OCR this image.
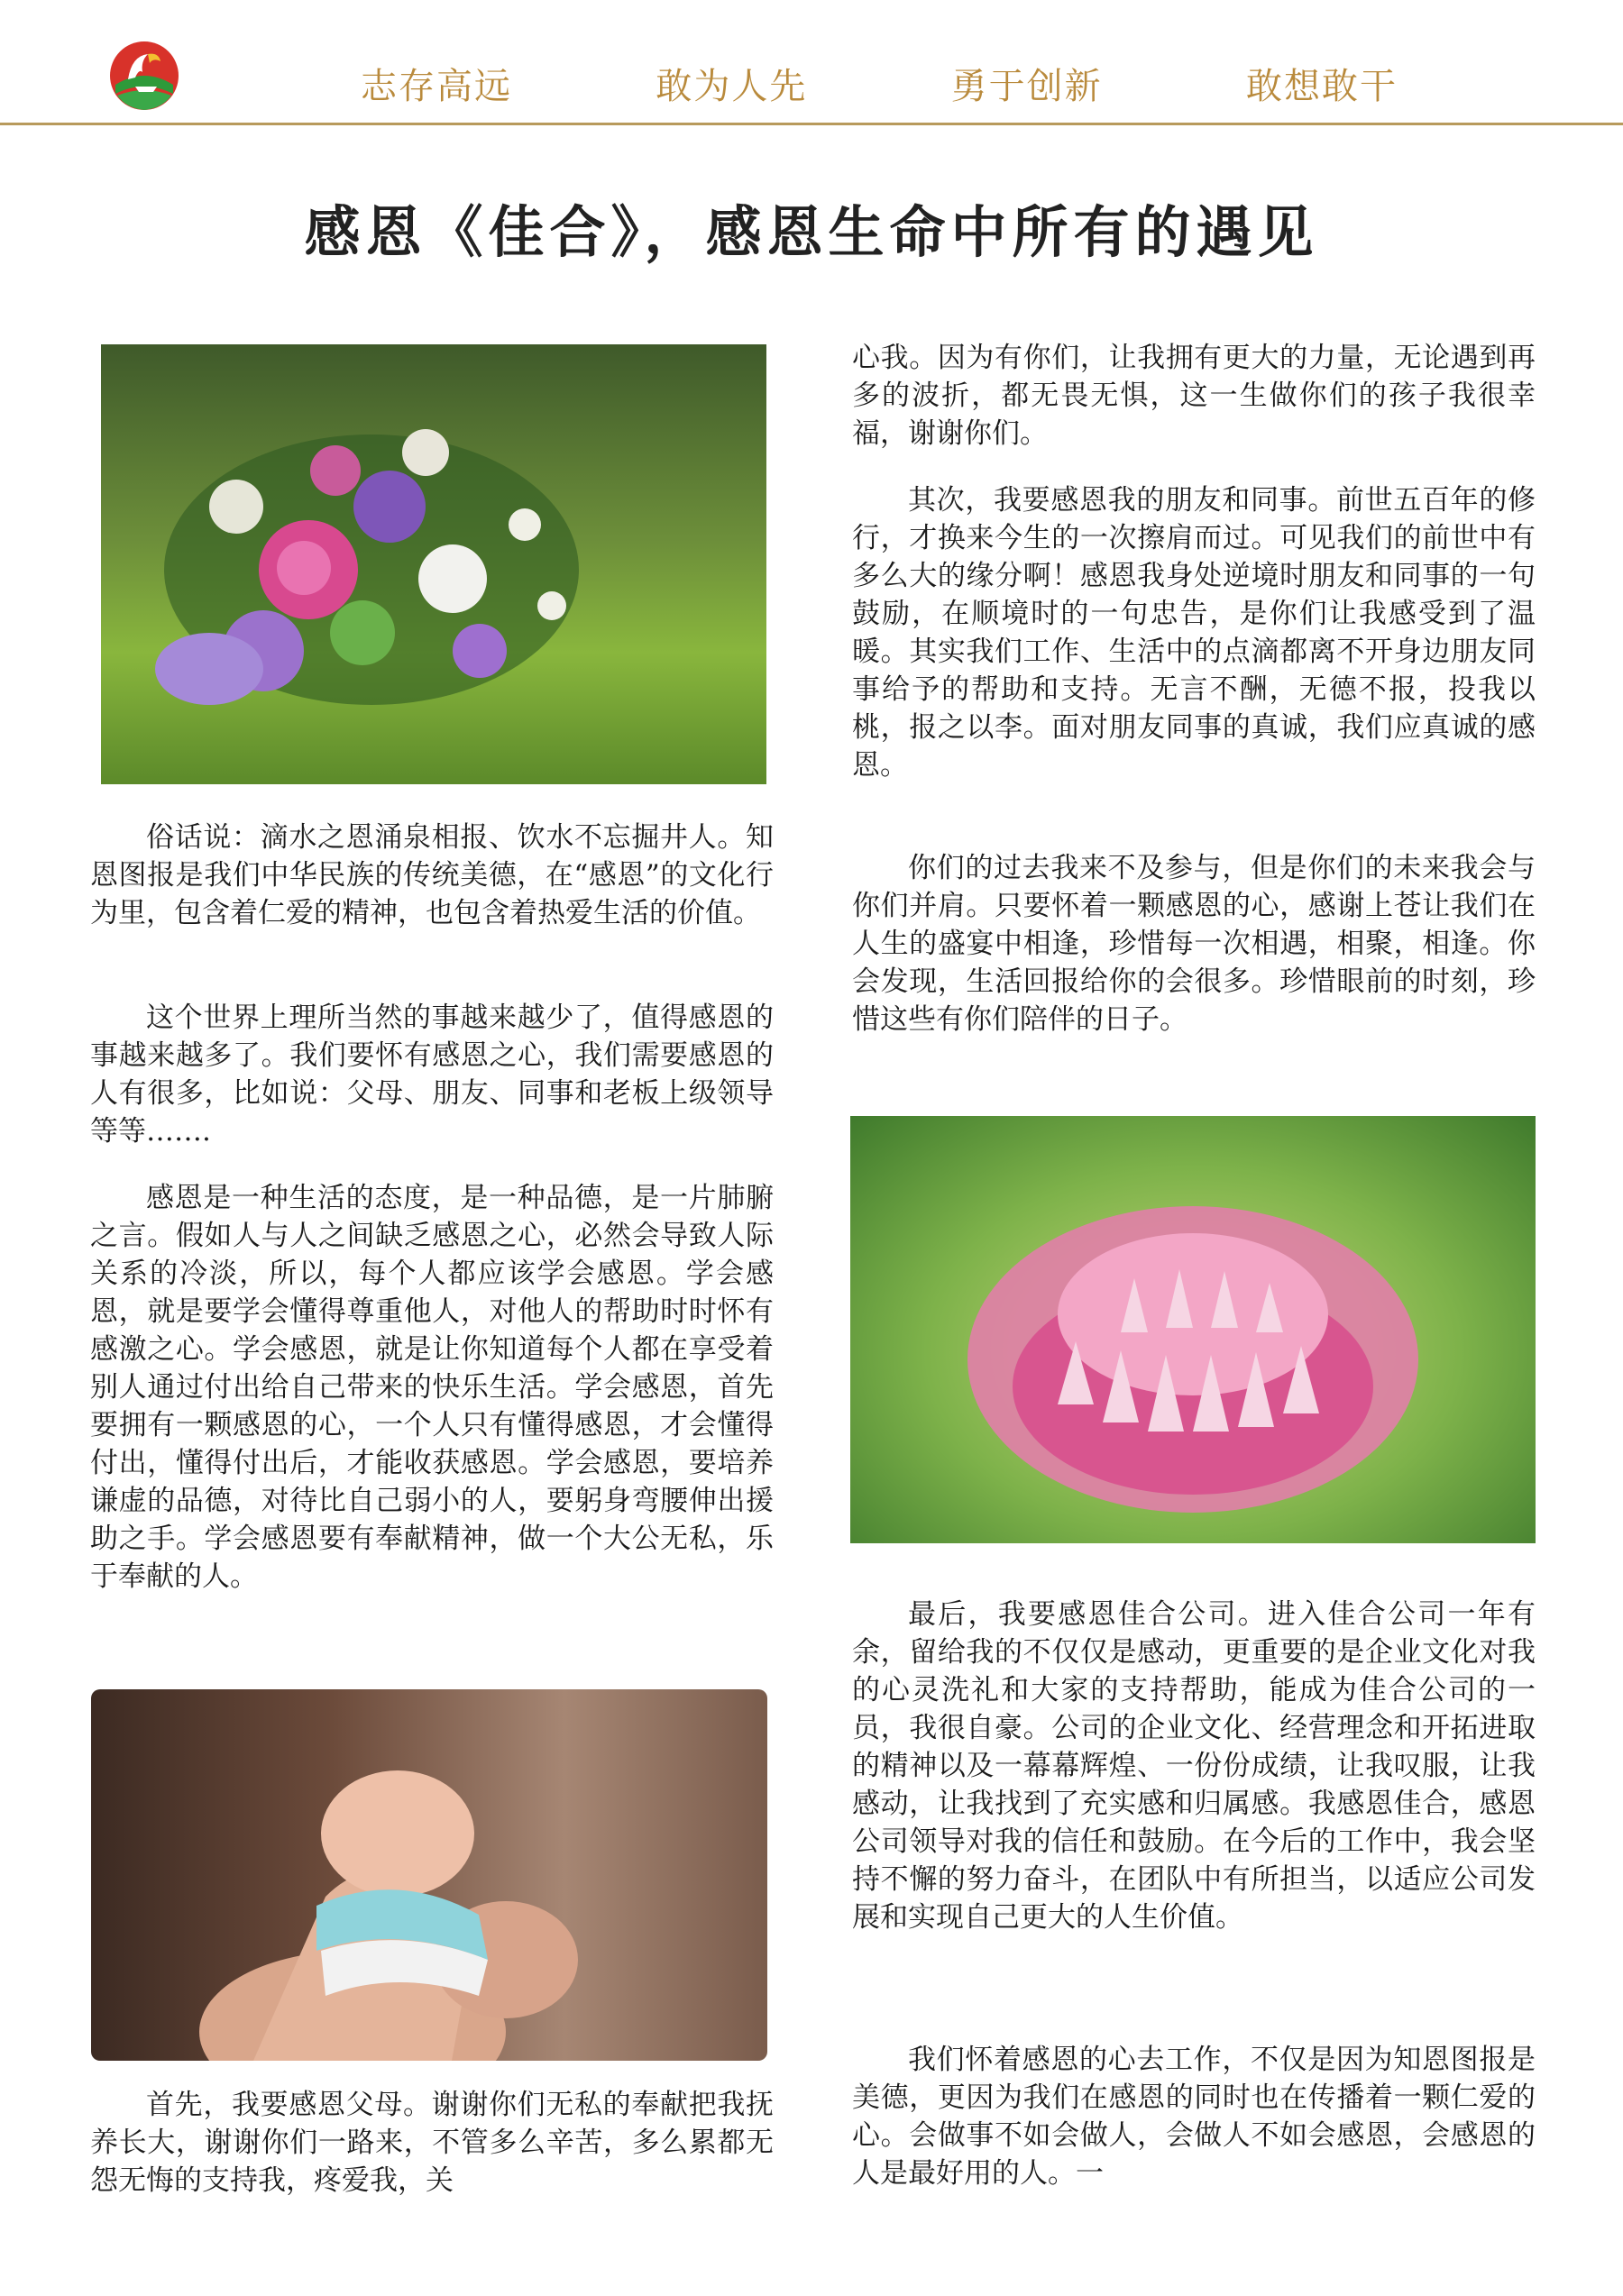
志存高远	敢为人先	勇于创新	敢想敢干
感恩《佳合》，感恩生命中所有的遇见

俗话说：滴水之恩涌泉相报、饮水不忘掘井人。知恩图报是我们中华民族的传统美德，在“感恩”的文化行为里，包含着仁爱的精神，也包含着热爱生活的价值。

这个世界上理所当然的事越来越少了，值得感恩的事越来越多了。我们要怀有感恩之心，我们需要感恩的人有很多，比如说：父母、朋友、同事和老板上级领导等等…….

感恩是一种生活的态度，是一种品德，是一片肺腑之言。假如人与人之间缺乏感恩之心，必然会导致人际关系的冷淡，所以，每个人都应该学会感恩。学会感恩，就是要学会懂得尊重他人，对他人的帮助时时怀有感激之心。学会感恩，就是让你知道每个人都在享受着别人通过付出给自己带来的快乐生活。学会感恩，首先要拥有一颗感恩的心，一个人只有懂得感恩，才会懂得付出，懂得付出后，才能收获感恩。学会感恩，要培养谦虚的品德，对待比自己弱小的人，要躬身弯腰伸出援助之手。学会感恩要有奉献精神，做一个大公无私，乐于奉献的人。

首先，我要感恩父母。谢谢你们无私的奉献把我抚养长大，谢谢你们一路来，不管多么辛苦，多么累都无怨无悔的支持我，疼爱我，关

心我。因为有你们，让我拥有更大的力量，无论遇到再多的波折，都无畏无惧，这一生做你们的孩子我很幸福，谢谢你们。

其次，我要感恩我的朋友和同事。前世五百年的修行，才换来今生的一次擦肩而过。可见我们的前世中有多么大的缘分啊！感恩我身处逆境时朋友和同事的一句鼓励，在顺境时的一句忠告，是你们让我感受到了温暖。其实我们工作、生活中的点滴都离不开身边朋友同事给予的帮助和支持。无言不酬，无德不报，投我以桃，报之以李。面对朋友同事的真诚，我们应真诚的感恩。

你们的过去我来不及参与，但是你们的未来我会与你们并肩。只要怀着一颗感恩的心，感谢上苍让我们在人生的盛宴中相逢，珍惜每一次相遇，相聚，相逢。你会发现，生活回报给你的会很多。珍惜眼前的时刻，珍惜这些有你们陪伴的日子。

最后，我要感恩佳合公司。进入佳合公司一年有余，留给我的不仅仅是感动，更重要的是企业文化对我的心灵洗礼和大家的支持帮助，能成为佳合公司的一员，我很自豪。公司的企业文化、经营理念和开拓进取的精神以及一幕幕辉煌、一份份成绩，让我叹服，让我感动，让我找到了充实感和归属感。我感恩佳合，感恩公司领导对我的信任和鼓励。在今后的工作中，我会坚持不懈的努力奋斗，在团队中有所担当，以适应公司发展和实现自己更大的人生价值。

我们怀着感恩的心去工作，不仅是因为知恩图报是美德，更因为我们在感恩的同时也在传播着一颗仁爱的心。会做事不如会做人，会做人不如会感恩，会感恩的人是最好用的人。一
